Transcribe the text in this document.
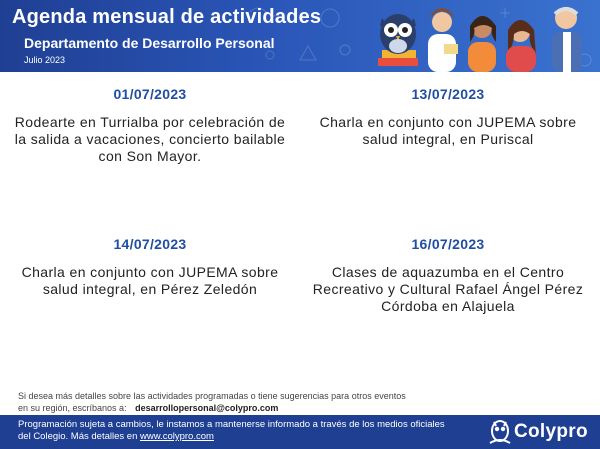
Agenda mensual de actividades
Departamento de Desarrollo Personal
Julio 2023
01/07/2023
Rodearte en Turrialba por celebración de la salida a vacaciones, concierto bailable con Son Mayor.
13/07/2023
Charla en conjunto con JUPEMA sobre salud integral, en Puriscal
14/07/2023
Charla en conjunto con JUPEMA sobre salud integral, en Pérez Zeledón
16/07/2023
Clases de aquazumba en el Centro Recreativo y Cultural Rafael Ángel Pérez Córdoba en Alajuela
Si desea más detalles sobre las actividades programadas o tiene sugerencias para otros eventos en su región, escríbanos a: desarrollopersonal@colypro.com
Programación sujeta a cambios, le instamos a mantenerse informado a través de los medios oficiales del Colegio. Más detalles en www.colypro.com	Colypro
